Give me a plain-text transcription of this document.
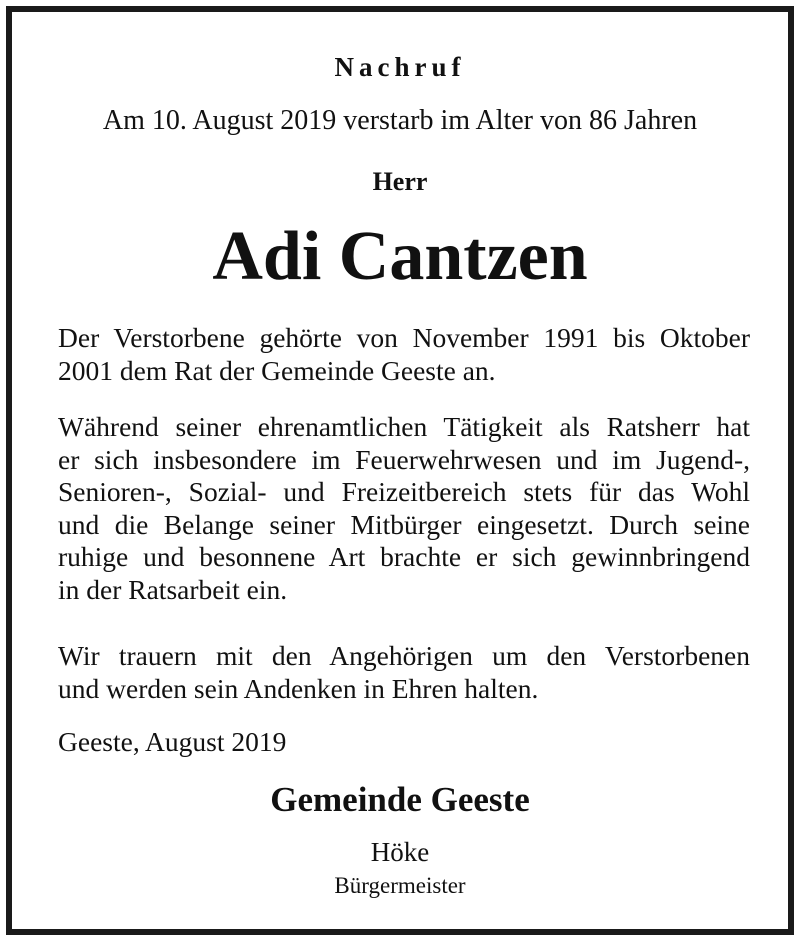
Nachruf
Am 10. August 2019 verstarb im Alter von 86 Jahren
Herr
Adi Cantzen
Der Verstorbene gehörte von November 1991 bis Oktober
2001 dem Rat der Gemeinde Geeste an.
Während seiner ehrenamtlichen Tätigkeit als Ratsherr hat
er sich insbesondere im Feuerwehrwesen und im Jugend-,
Senioren-, Sozial- und Freizeitbereich stets für das Wohl
und die Belange seiner Mitbürger eingesetzt. Durch seine
ruhige und besonnene Art brachte er sich gewinnbringend
in der Ratsarbeit ein.
Wir trauern mit den Angehörigen um den Verstorbenen
und werden sein Andenken in Ehren halten.
Geeste, August 2019
Gemeinde Geeste
Höke
Bürgermeister
